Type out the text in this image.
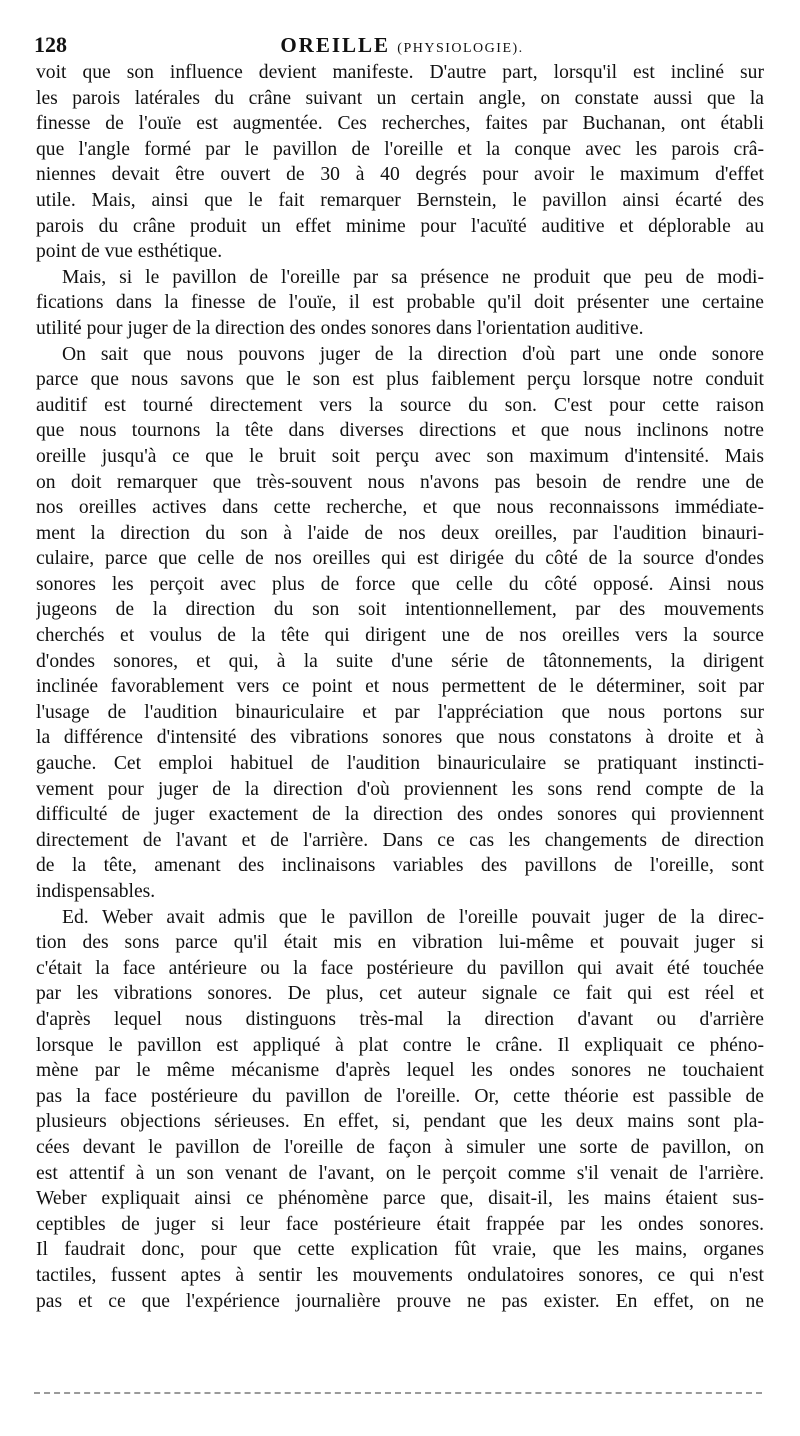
128	OREILLE (PHYSIOLOGIE).
voit que son influence devient manifeste. D'autre part, lorsqu'il est incliné sur
les parois latérales du crâne suivant un certain angle, on constate aussi que la
finesse de l'ouïe est augmentée. Ces recherches, faites par Buchanan, ont établi
que l'angle formé par le pavillon de l'oreille et la conque avec les parois crâ-
niennes devait être ouvert de 30 à 40 degrés pour avoir le maximum d'effet
utile. Mais, ainsi que le fait remarquer Bernstein, le pavillon ainsi écarté des
parois du crâne produit un effet minime pour l'acuïté auditive et déplorable au
point de vue esthétique.
Mais, si le pavillon de l'oreille par sa présence ne produit que peu de modi-
fications dans la finesse de l'ouïe, il est probable qu'il doit présenter une certaine
utilité pour juger de la direction des ondes sonores dans l'orientation auditive.
On sait que nous pouvons juger de la direction d'où part une onde sonore
parce que nous savons que le son est plus faiblement perçu lorsque notre conduit
auditif est tourné directement vers la source du son. C'est pour cette raison
que nous tournons la tête dans diverses directions et que nous inclinons notre
oreille jusqu'à ce que le bruit soit perçu avec son maximum d'intensité. Mais
on doit remarquer que très-souvent nous n'avons pas besoin de rendre une de
nos oreilles actives dans cette recherche, et que nous reconnaissons immédiate-
ment la direction du son à l'aide de nos deux oreilles, par l'audition binauri-
culaire, parce que celle de nos oreilles qui est dirigée du côté de la source d'ondes
sonores les perçoit avec plus de force que celle du côté opposé. Ainsi nous
jugeons de la direction du son soit intentionnellement, par des mouvements
cherchés et voulus de la tête qui dirigent une de nos oreilles vers la source
d'ondes sonores, et qui, à la suite d'une série de tâtonnements, la dirigent
inclinée favorablement vers ce point et nous permettent de le déterminer, soit par
l'usage de l'audition binauriculaire et par l'appréciation que nous portons sur
la différence d'intensité des vibrations sonores que nous constatons à droite et à
gauche. Cet emploi habituel de l'audition binauriculaire se pratiquant instincti-
vement pour juger de la direction d'où proviennent les sons rend compte de la
difficulté de juger exactement de la direction des ondes sonores qui proviennent
directement de l'avant et de l'arrière. Dans ce cas les changements de direction
de la tête, amenant des inclinaisons variables des pavillons de l'oreille, sont
indispensables.
Ed. Weber avait admis que le pavillon de l'oreille pouvait juger de la direc-
tion des sons parce qu'il était mis en vibration lui-même et pouvait juger si
c'était la face antérieure ou la face postérieure du pavillon qui avait été touchée
par les vibrations sonores. De plus, cet auteur signale ce fait qui est réel et
d'après lequel nous distinguons très-mal la direction d'avant ou d'arrière
lorsque le pavillon est appliqué à plat contre le crâne. Il expliquait ce phéno-
mène par le même mécanisme d'après lequel les ondes sonores ne touchaient
pas la face postérieure du pavillon de l'oreille. Or, cette théorie est passible de
plusieurs objections sérieuses. En effet, si, pendant que les deux mains sont pla-
cées devant le pavillon de l'oreille de façon à simuler une sorte de pavillon, on
est attentif à un son venant de l'avant, on le perçoit comme s'il venait de l'arrière.
Weber expliquait ainsi ce phénomène parce que, disait-il, les mains étaient sus-
ceptibles de juger si leur face postérieure était frappée par les ondes sonores.
Il faudrait donc, pour que cette explication fût vraie, que les mains, organes
tactiles, fussent aptes à sentir les mouvements ondulatoires sonores, ce qui n'est
pas et ce que l'expérience journalière prouve ne pas exister. En effet, on ne
